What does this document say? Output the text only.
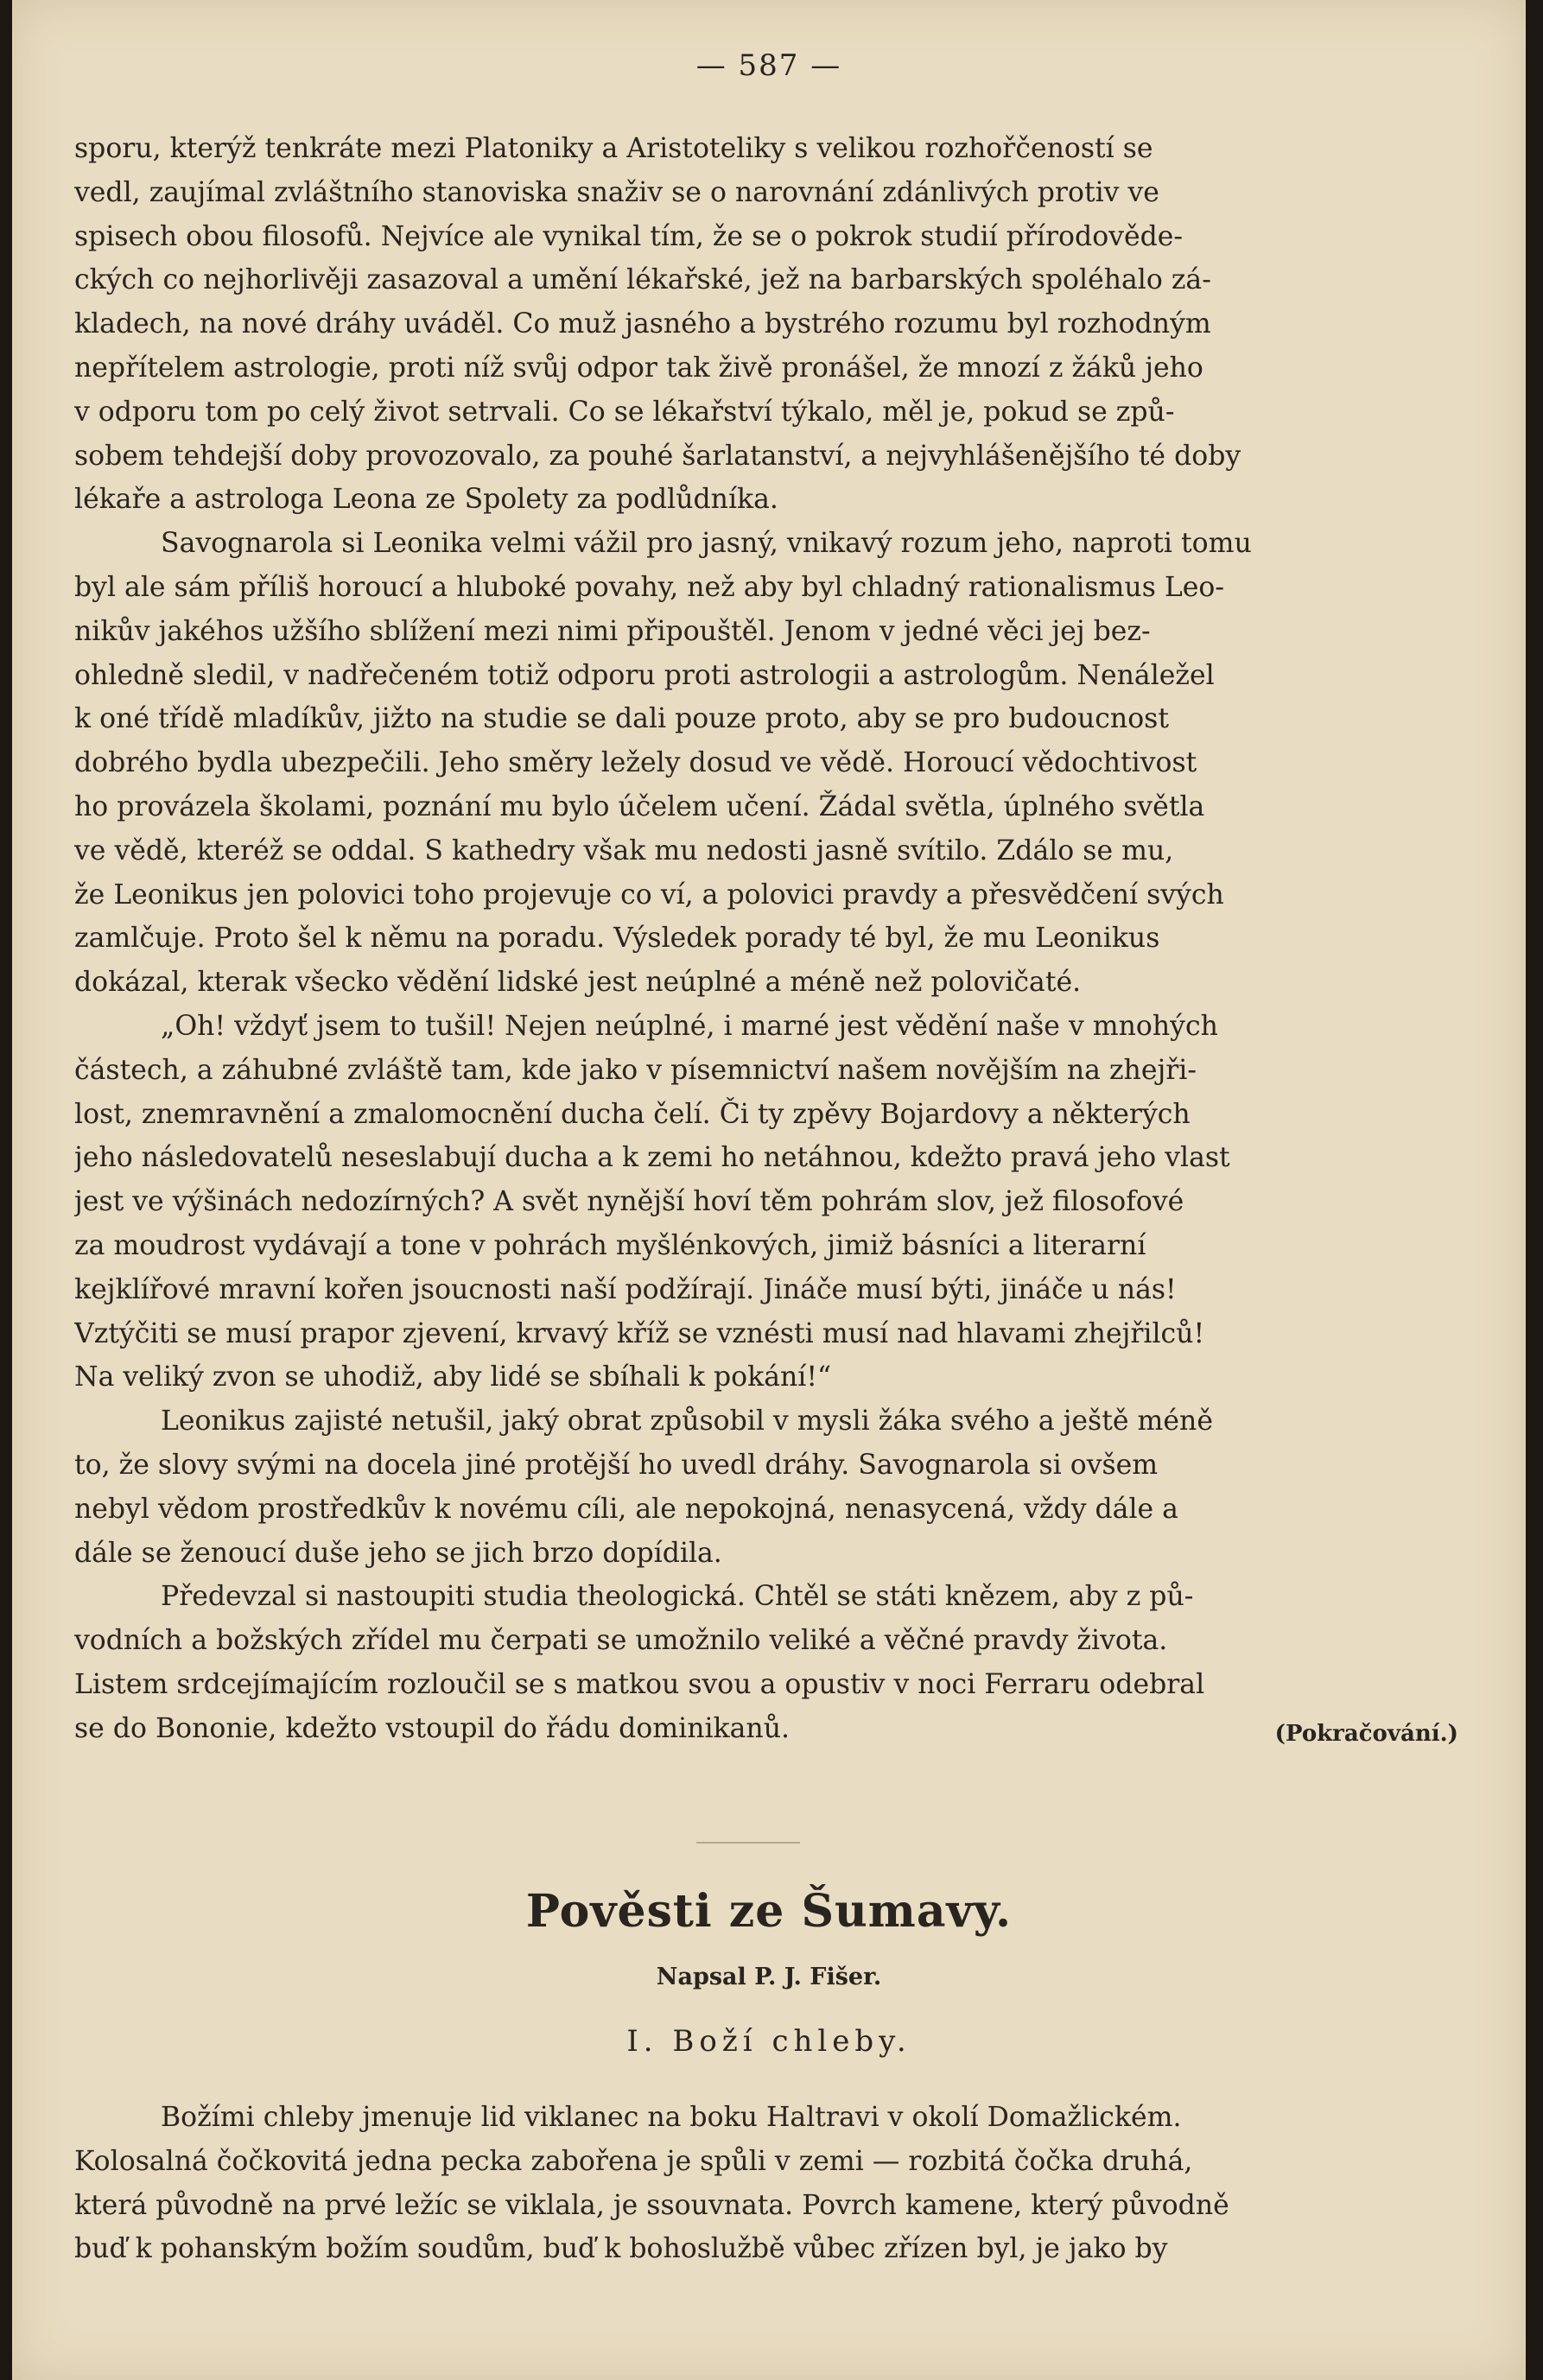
— 587 —
sporu, kterýž tenkráte mezi Platoniky a Aristoteliky s velikou rozhořčeností se
vedl, zaujímal zvláštního stanoviska snaživ se o narovnání zdánlivých protiv ve
spisech obou filosofů. Nejvíce ale vynikal tím, že se o pokrok studií přírodověde-
ckých co nejhorlivěji zasazoval a umění lékařské, jež na barbarských spoléhalo zá-
kladech, na nové dráhy uváděl. Co muž jasného a bystrého rozumu byl rozhodným
nepřítelem astrologie, proti níž svůj odpor tak živě pronášel, že mnozí z žáků jeho
v odporu tom po celý život setrvali. Co se lékařství týkalo, měl je, pokud se způ-
sobem tehdejší doby provozovalo, za pouhé šarlatanství, a nejvyhlášenějšího té doby
lékaře a astrologa Leona ze Spolety za podlůdníka.
Savognarola si Leonika velmi vážil pro jasný, vnikavý rozum jeho, naproti tomu
byl ale sám příliš horoucí a hluboké povahy, než aby byl chladný rationalismus Leo-
nikův jakéhos užšího sblížení mezi nimi připouštěl. Jenom v jedné věci jej bez-
ohledně sledil, v nadřečeném totiž odporu proti astrologii a astrologům. Nenáležel
k oné třídě mladíkův, jižto na studie se dali pouze proto, aby se pro budoucnost
dobrého bydla ubezpečili. Jeho směry ležely dosud ve vědě. Horoucí vědochtivost
ho provázela školami, poznání mu bylo účelem učení. Žádal světla, úplného světla
ve vědě, kteréž se oddal. S kathedry však mu nedosti jasně svítilo. Zdálo se mu,
že Leonikus jen polovici toho projevuje co ví, a polovici pravdy a přesvědčení svých
zamlčuje. Proto šel k němu na poradu. Výsledek porady té byl, že mu Leonikus
dokázal, kterak všecko vědění lidské jest neúplné a méně než polovičaté.
„Oh! vždyť jsem to tušil! Nejen neúplné, i marné jest vědění naše v mnohých
částech, a záhubné zvláště tam, kde jako v písemnictví našem novějším na zhejři-
lost, znemravnění a zmalomocnění ducha čelí. Či ty zpěvy Bojardovy a některých
jeho následovatelů neseslabují ducha a k zemi ho netáhnou, kdežto pravá jeho vlast
jest ve výšinách nedozírných? A svět nynější hoví těm pohrám slov, jež filosofové
za moudrost vydávají a tone v pohrách myšlénkových, jimiž básníci a literarní
kejklířové mravní kořen jsoucnosti naší podžírají. Jináče musí býti, jináče u nás!
Vztýčiti se musí prapor zjevení, krvavý kříž se vznésti musí nad hlavami zhejřilců!
Na veliký zvon se uhodiž, aby lidé se sbíhali k pokání!“
Leonikus zajisté netušil, jaký obrat způsobil v mysli žáka svého a ještě méně
to, že slovy svými na docela jiné protější ho uvedl dráhy. Savognarola si ovšem
nebyl vědom prostředkův k novému cíli, ale nepokojná, nenasycená, vždy dále a
dále se ženoucí duše jeho se jich brzo dopídila.
Předevzal si nastoupiti studia theologická. Chtěl se státi knězem, aby z pů-
vodních a božských zřídel mu čerpati se umožnilo veliké a věčné pravdy života.
Listem srdcejímajícím rozloučil se s matkou svou a opustiv v noci Ferraru odebral
se do Bononie, kdežto vstoupil do řádu dominikanů.	(Pokračování.)
Pověsti ze Šumavy.
Napsal P. J. Fišer.
I. Boží chleby.
Božími chleby jmenuje lid viklanec na boku Haltravi v okolí Domažlickém.
Kolosalná čočkovitá jedna pecka zabořena je spůli v zemi — rozbitá čočka druhá,
která původně na prvé ležíc se viklala, je ssouvnata. Povrch kamene, který původně
buď k pohanským božím soudům, buď k bohoslužbě vůbec zřízen byl, je jako by
